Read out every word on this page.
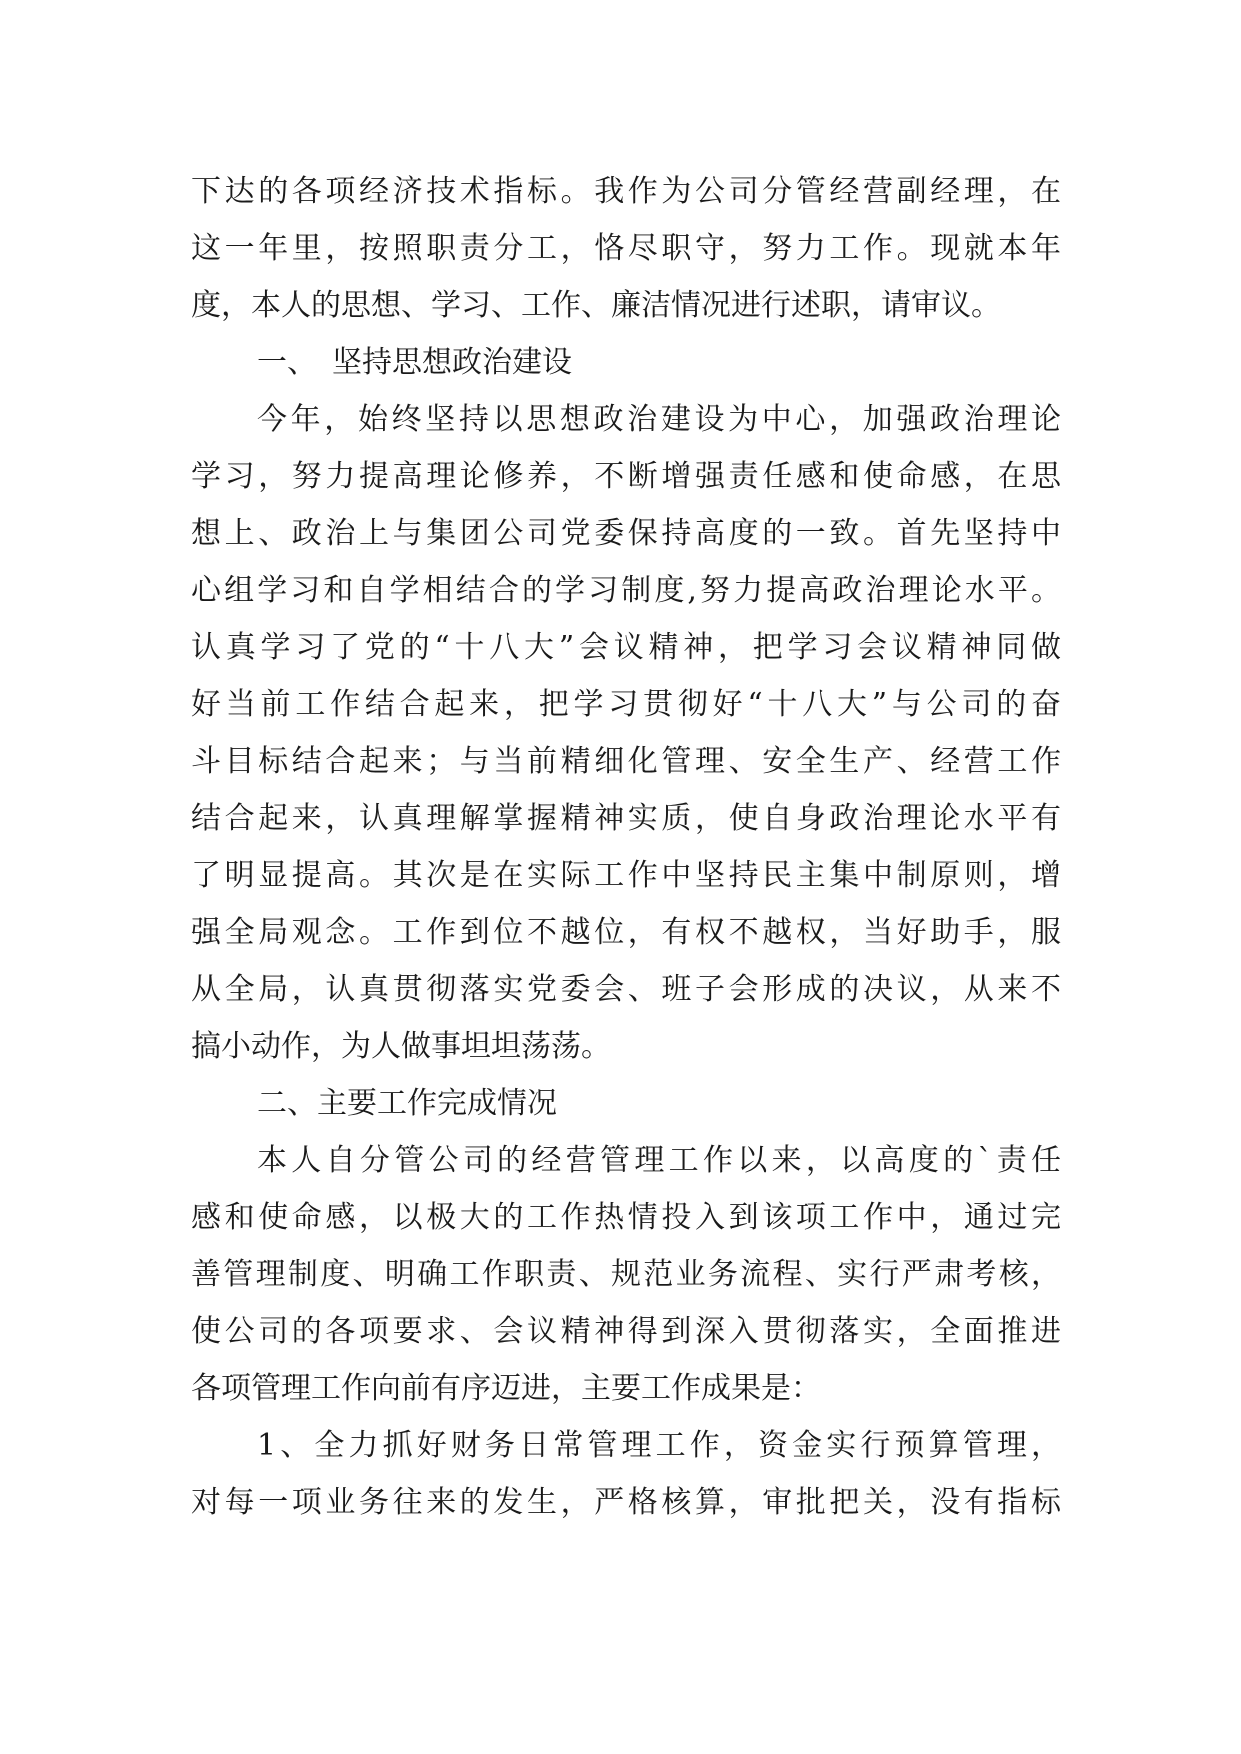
下达的各项经济技术指标。我作为公司分管经营副经理，在
这一年里，按照职责分工，恪尽职守，努力工作。现就本年
度，本人的思想、学习、工作、廉洁情况进行述职，请审议。
一、　坚持思想政治建设
今年，始终坚持以思想政治建设为中心，加强政治理论
学习，努力提高理论修养，不断增强责任感和使命感，在思
想上、政治上与集团公司党委保持高度的一致。首先坚持中
心组学习和自学相结合的学习制度,努力提高政治理论水平。
认真学习了党的“十八大”会议精神，把学习会议精神同做
好当前工作结合起来，把学习贯彻好“十八大”与公司的奋
斗目标结合起来；与当前精细化管理、安全生产、经营工作
结合起来，认真理解掌握精神实质，使自身政治理论水平有
了明显提高。其次是在实际工作中坚持民主集中制原则，增
强全局观念。工作到位不越位，有权不越权，当好助手，服
从全局，认真贯彻落实党委会、班子会形成的决议，从来不
搞小动作，为人做事坦坦荡荡。
二、主要工作完成情况
本人自分管公司的经营管理工作以来，以高度的`责任
感和使命感，以极大的工作热情投入到该项工作中，通过完
善管理制度、明确工作职责、规范业务流程、实行严肃考核，
使公司的各项要求、会议精神得到深入贯彻落实，全面推进
各项管理工作向前有序迈进，主要工作成果是：
1、全力抓好财务日常管理工作，资金实行预算管理，
对每一项业务往来的发生，严格核算，审批把关，没有指标
